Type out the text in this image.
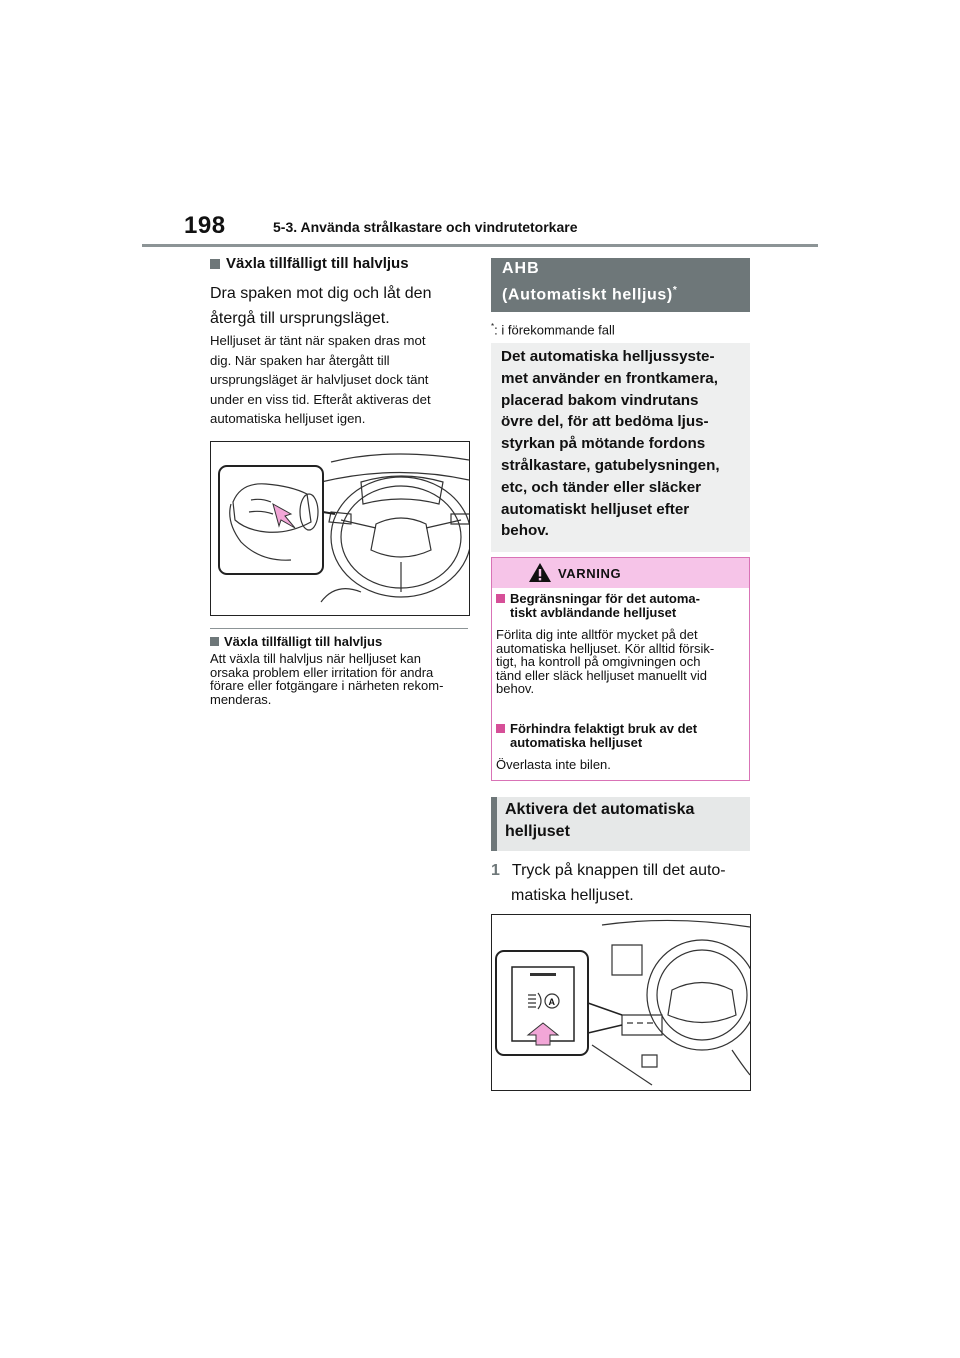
198	5-3. Använda strålkastare och vindrutetorkare
Växla tillfälligt till halvljus
Dra spaken mot dig och låt den
återgå till ursprungsläget.
Helljuset är tänt när spaken dras mot
dig. När spaken har återgått till
ursprungsläget är halvljuset dock tänt
under en viss tid. Efteråt aktiveras det
automatiska helljuset igen.
Växla tillfälligt till halvljus
Att växla till halvljus när helljuset kan
orsaka problem eller irritation för andra
förare eller fotgängare i närheten rekom-
menderas.
AHB
(Automatiskt helljus)*
*: i förekommande fall

Det automatiska helljussyste-
met använder en frontkamera,
placerad bakom vindrutans
övre del, för att bedöma ljus-
styrkan på mötande fordons
strålkastare, gatubelysningen,
etc, och tänder eller släcker
automatiskt helljuset efter
behov.

VARNING
Begränsningar för det automa-
tiskt avbländande helljuset
Förlita dig inte alltför mycket på det
automatiska helljuset. Kör alltid försik-
tigt, ha kontroll på omgivningen och
tänd eller släck helljuset manuellt vid
behov.
Förhindra felaktigt bruk av det
automatiska helljuset
Överlasta inte bilen.
Aktivera det automatiska
helljuset
1 Tryck på knappen till det auto-
matiska helljuset.
A
